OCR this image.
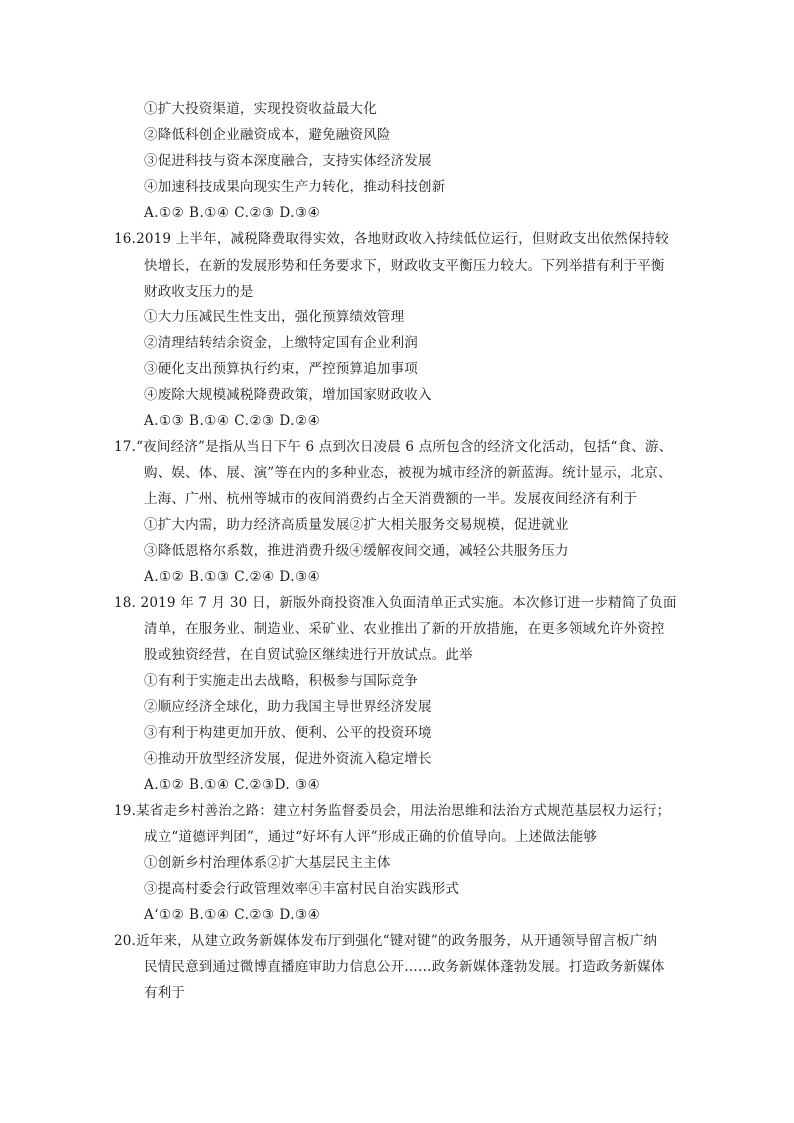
①扩大投资渠道，实现投资收益最大化
②降低科创企业融资成本，避免融资风险
③促进科技与资本深度融合，支持实体经济发展
④加速科技成果向现实生产力转化，推动科技创新
A.①② B.①④ C.②③ D.③④
16.2019 上半年，减税降费取得实效，各地财政收入持续低位运行，但财政支出依然保持较
快增长，在新的发展形势和任务要求下，财政收支平衡压力较大。下列举措有利于平衡
财政收支压力的是
①大力压减民生性支出，强化预算绩效管理
②清理结转结余资金，上缴特定国有企业利润
③硬化支出预算执行约束，严控预算追加事项
④废除大规模减税降费政策，增加国家财政收入
A.①③ B.①④ C.②③ D.②④
17.“夜间经济”是指从当日下午 6 点到次日凌晨 6 点所包含的经济文化活动，包括“食、游、
购、娱、体、展、演”等在内的多种业态，被视为城市经济的新蓝海。统计显示，北京、
上海、广州、杭州等城市的夜间消费约占全天消费额的一半。发展夜间经济有利于
①扩大内需，助力经济高质量发展②扩大相关服务交易规模，促进就业
③降低恩格尔系数，推进消费升级④缓解夜间交通，减轻公共服务压力
A.①② B.①③ C.②④ D.③④
18. 2019 年 7 月 30 日，新版外商投资准入负面清单正式实施。本次修订进一步精简了负面
清单，在服务业、制造业、采矿业、农业推出了新的开放措施，在更多领域允许外资控
股或独资经营，在自贸试验区继续进行开放试点。此举
①有利于实施走出去战略，积极参与国际竞争
②顺应经济全球化，助力我国主导世界经济发展
③有利于构建更加开放、便利、公平的投资环境
④推动开放型经济发展，促进外资流入稳定增长
A.①② B.①④ C.②③D. ③④
19.某省走乡村善治之路：建立村务监督委员会，用法治思维和法治方式规范基层权力运行；
成立“道德评判团”，通过“好坏有人评”形成正确的价值导向。上述做法能够
①创新乡村治理体系②扩大基层民主主体
③提高村委会行政管理效率④丰富村民自治实践形式
A‘①② B.①④ C.②③ D.③④
20.近年来，从建立政务新媒体发布厅到强化“键对键”的政务服务，从开通领导留言板广纳
民情民意到通过微博直播庭审助力信息公开……政务新媒体蓬勃发展。打造政务新媒体
有利于
